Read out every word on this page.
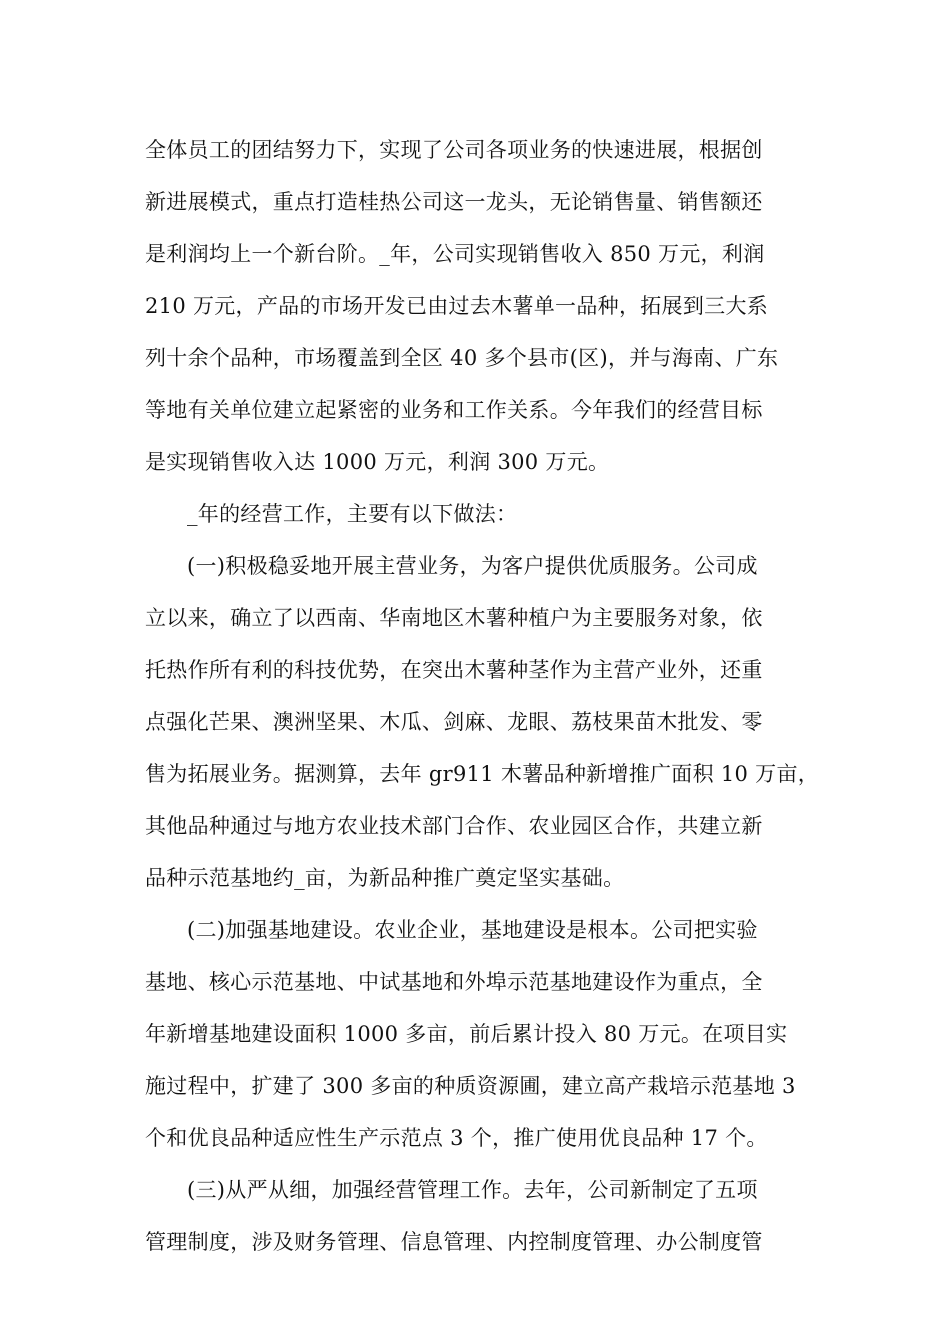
全体员工的团结努力下，实现了公司各项业务的快速进展，根据创
新进展模式，重点打造桂热公司这一龙头，无论销售量、销售额还
是利润均上一个新台阶。_年，公司实现销售收入 850 万元，利润
210 万元，产品的市场开发已由过去木薯单一品种，拓展到三大系
列十余个品种，市场覆盖到全区 40 多个县市(区)，并与海南、广东
等地有关单位建立起紧密的业务和工作关系。今年我们的经营目标
是实现销售收入达 1000 万元，利润 300 万元。
_年的经营工作，主要有以下做法：
(一)积极稳妥地开展主营业务，为客户提供优质服务。公司成
立以来，确立了以西南、华南地区木薯种植户为主要服务对象，依
托热作所有利的科技优势，在突出木薯种茎作为主营产业外，还重
点强化芒果、澳洲坚果、木瓜、剑麻、龙眼、荔枝果苗木批发、零
售为拓展业务。据测算，去年 gr911 木薯品种新增推广面积 10 万亩，
其他品种通过与地方农业技术部门合作、农业园区合作，共建立新
品种示范基地约_亩，为新品种推广奠定坚实基础。
(二)加强基地建设。农业企业，基地建设是根本。公司把实验
基地、核心示范基地、中试基地和外埠示范基地建设作为重点，全
年新增基地建设面积 1000 多亩，前后累计投入 80 万元。在项目实
施过程中，扩建了 300 多亩的种质资源圃，建立高产栽培示范基地 3
个和优良品种适应性生产示范点 3 个，推广使用优良品种 17 个。
(三)从严从细，加强经营管理工作。去年，公司新制定了五项
管理制度，涉及财务管理、信息管理、内控制度管理、办公制度管
